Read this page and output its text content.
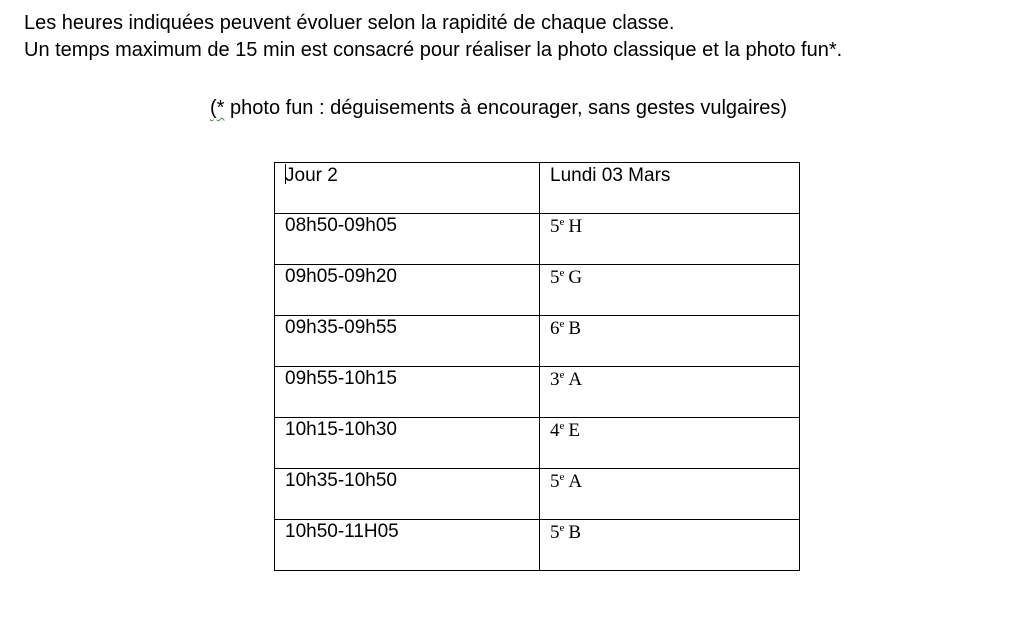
Les heures indiquées peuvent évoluer selon la rapidité de chaque classe.
Un temps maximum de 15 min est consacré pour réaliser la photo classique et la photo fun*.
(* photo fun : déguisements à encourager, sans gestes vulgaires)
Jour 2	Lundi 03 Mars
08h50-09h05	5e H
09h05-09h20	5e G
09h35-09h55	6e B
09h55-10h15	3e A
10h15-10h30	4e E
10h35-10h50	5e A
10h50-11H05	5e B
